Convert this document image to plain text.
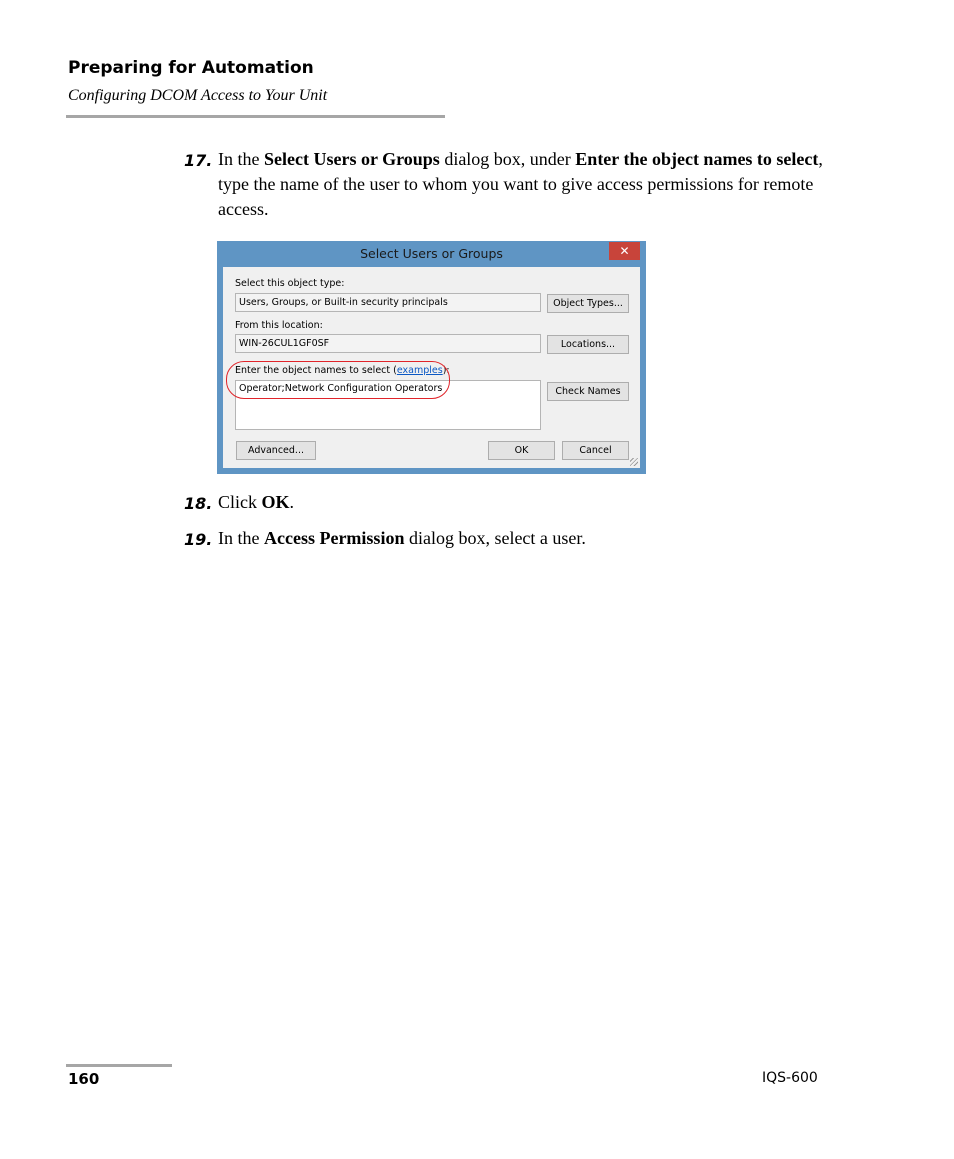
Preparing for Automation
Configuring DCOM Access to Your Unit
17. In the Select Users or Groups dialog box, under Enter the object names to select, type the name of the user to whom you want to give access permissions for remote access.
Select Users or Groups	✕
Select this object type:
Users, Groups, or Built-in security principals	Object Types...
From this location:
WIN-26CUL1GF0SF	Locations...
Enter the object names to select (examples):
Operator;Network Configuration Operators	Check Names
Advanced...	OK	Cancel
18. Click OK.
19. In the Access Permission dialog box, select a user.
160	IQS-600
